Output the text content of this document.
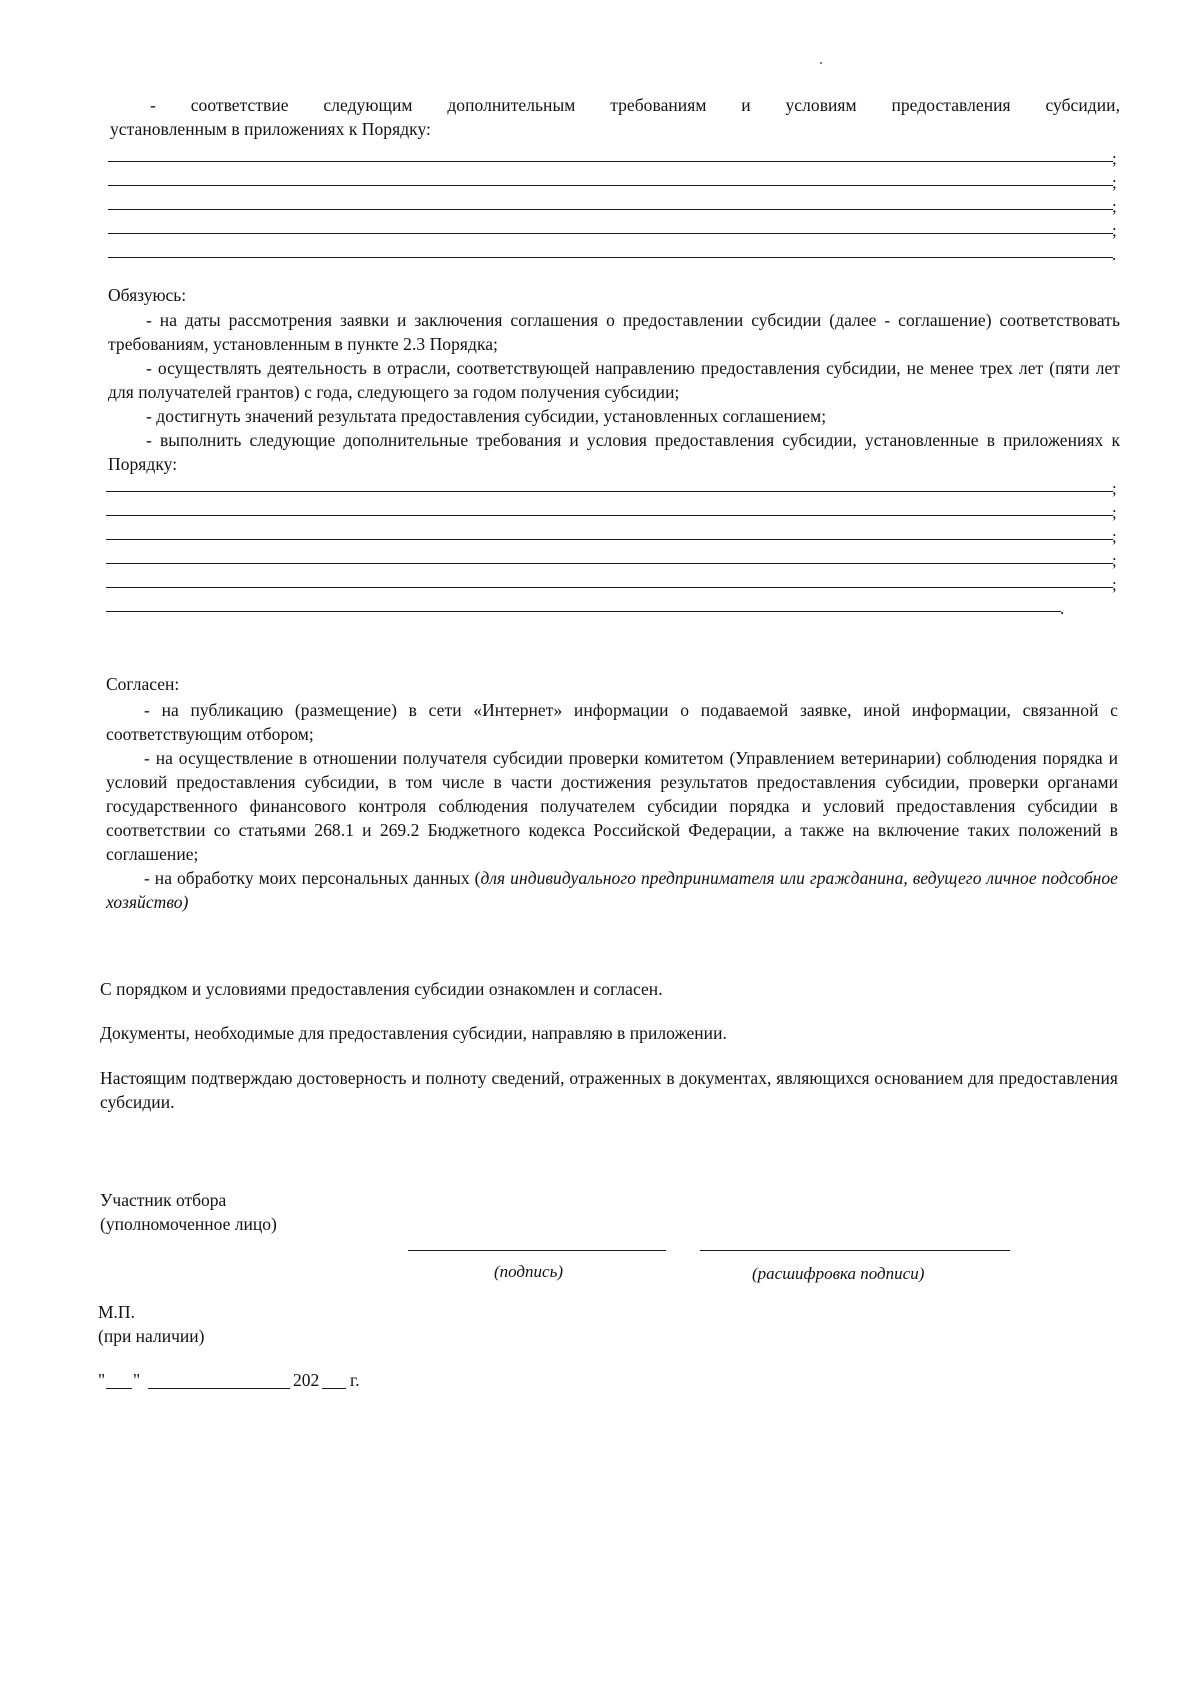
- соответствие следующим дополнительным требованиям и условиям предоставления субсидии,

установленным в приложениях к Порядку:

;
;
;
;
.
Обязуюсь:

- на даты рассмотрения заявки и заключения соглашения о предоставлении субсидии (далее - соглашение) соответствовать требованиям, установленным в пункте 2.3 Порядка;

- осуществлять деятельность в отрасли, соответствующей направлению предоставления субсидии, не менее трех лет (пяти лет для получателей грантов) с года, следующего за годом получения субсидии;

- достигнуть значений результата предоставления субсидии, установленных соглашением;

- выполнить следующие дополнительные требования и условия предоставления субсидии, установленные в приложениях к Порядку:

;
;
;
;
;
.
Согласен:

- на публикацию (размещение) в сети «Интернет» информации о подаваемой заявке, иной информации, связанной с соответствующим отбором;

- на осуществление в отношении получателя субсидии проверки комитетом (Управлением ветеринарии) соблюдения порядка и условий предоставления субсидии, в том числе в части достижения результатов предоставления субсидии, проверки органами государственного финансового контроля соблюдения получателем субсидии порядка и условий предоставления субсидии в соответствии со статьями 268.1 и 269.2 Бюджетного кодекса Российской Федерации, а также на включение таких положений в соглашение;

- на обработку моих персональных данных (для индивидуального предпринимателя или гражданина, ведущего личное подсобное хозяйство)

С порядком и условиями предоставления субсидии ознакомлен и согласен.

Документы, необходимые для предоставления субсидии, направляю в приложении.

Настоящим подтверждаю достоверность и полноту сведений, отраженных в документах, являющихся основанием для предоставления субсидии.

Участник отбора
(уполномоченное лицо)
(подпись)	(расшифровка подписи)
М.П.
(при наличии)
" "	202 г.
